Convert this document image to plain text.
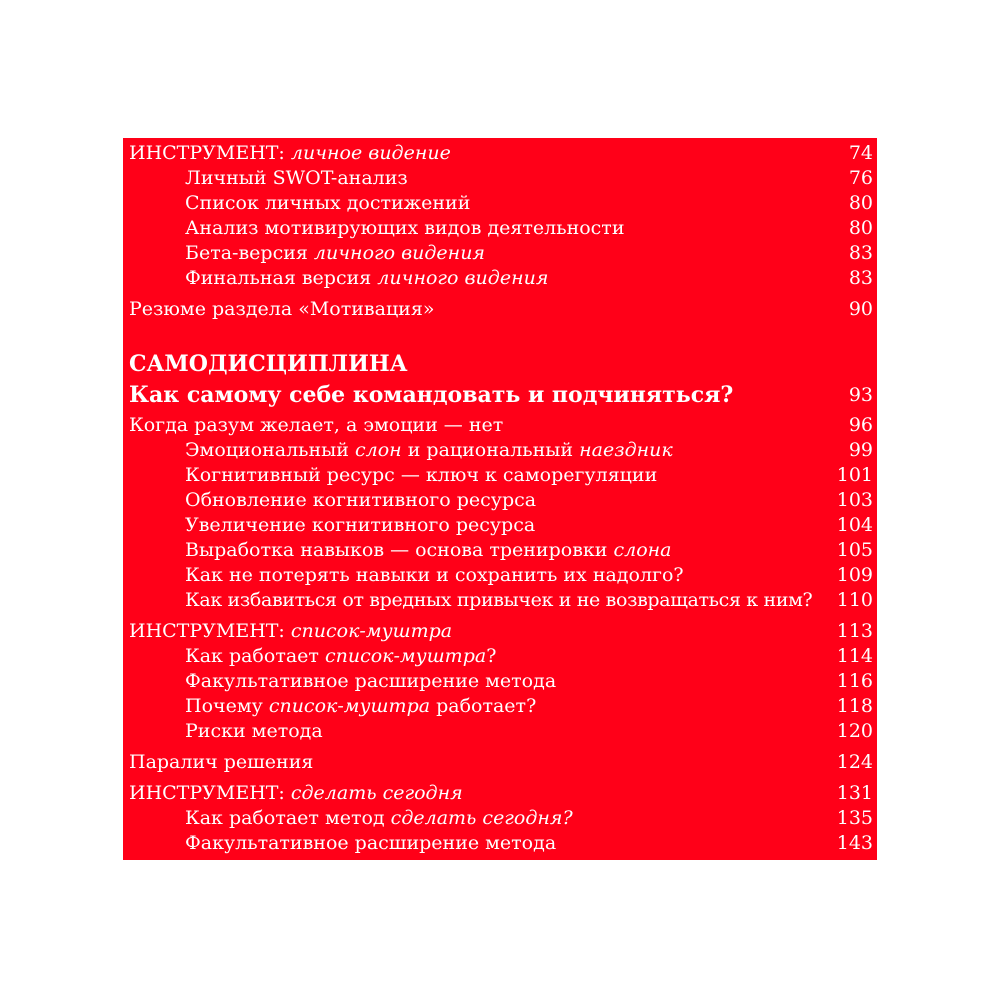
ИНСТРУМЕНТ: личное видение	74
Личный SWOT-анализ	76
Список личных достижений	80
Анализ мотивирующих видов деятельности	80
Бета-версия личного видения	83
Финальная версия личного видения	83
Резюме раздела «Мотивация»	90
САМОДИСЦИПЛИНА
Как самому себе командовать и подчиняться?	93
Когда разум желает, а эмоции — нет	96
Эмоциональный слон и рациональный наездник	99
Когнитивный ресурс — ключ к саморегуляции	101
Обновление когнитивного ресурса	103
Увеличение когнитивного ресурса	104
Выработка навыков — основа тренировки слона	105
Как не потерять навыки и сохранить их надолго?	109
Как избавиться от вредных привычек и не возвращаться к ним? 110
ИНСТРУМЕНТ: список-муштра	113
Как работает список-муштра?	114
Факультативное расширение метода	116
Почему список-муштра работает?	118
Риски метода	120
Паралич решения	124
ИНСТРУМЕНТ: сделать сегодня	131
Как работает метод сделать сегодня?	135
Факультативное расширение метода	143
